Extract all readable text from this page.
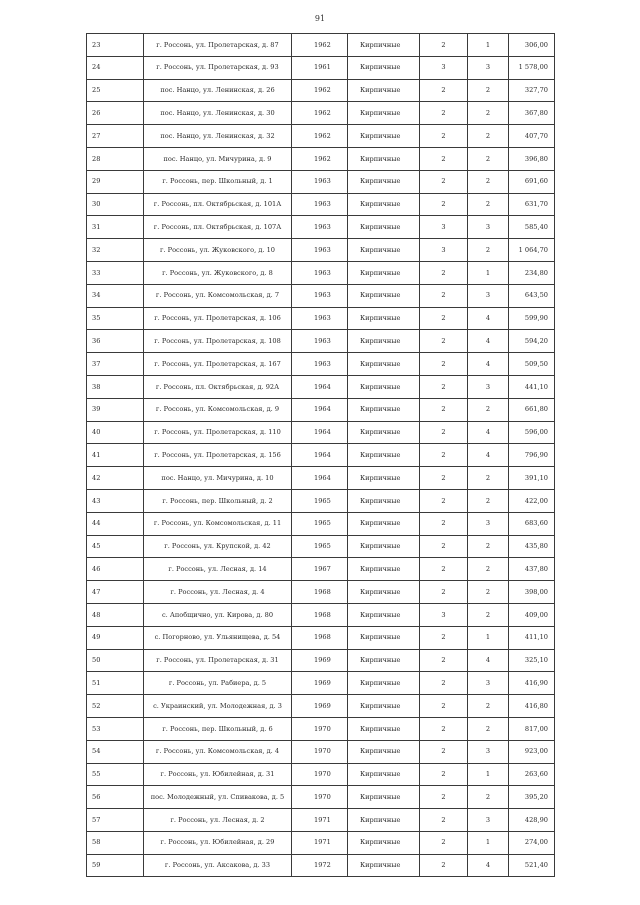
91
23	г. Россонь, ул. Пролетарская, д. 87	1962	Кирпичные	2	1	306,00
24	г. Россонь, ул. Пролетарская, д. 93	1961	Кирпичные	3	3	1 578,00
25	пос. Нанцо, ул. Ленинская, д. 26	1962	Кирпичные	2	2	327,70
26	пос. Нанцо, ул. Ленинская, д. 30	1962	Кирпичные	2	2	367,80
27	пос. Нанцо, ул. Ленинская, д. 32	1962	Кирпичные	2	2	407,70
28	пос. Нанцо, ул. Мичурина, д. 9	1962	Кирпичные	2	2	396,80
29	г. Россонь, пер. Школьный, д. 1	1963	Кирпичные	2	2	691,60
30	г. Россонь, пл. Октябрьская, д. 101А	1963	Кирпичные	2	2	631,70
31	г. Россонь, пл. Октябрьская, д. 107А	1963	Кирпичные	3	3	585,40
32	г. Россонь, ул. Жуковского, д. 10	1963	Кирпичные	3	2	1 064,70
33	г. Россонь, ул. Жуковского, д. 8	1963	Кирпичные	2	1	234,80
34	г. Россонь, ул. Комсомольская, д. 7	1963	Кирпичные	2	3	643,50
35	г. Россонь, ул. Пролетарская, д. 106	1963	Кирпичные	2	4	599,90
36	г. Россонь, ул. Пролетарская, д. 108	1963	Кирпичные	2	4	594,20
37	г. Россонь, ул. Пролетарская, д. 167	1963	Кирпичные	2	4	509,50
38	г. Россонь, пл. Октябрьская, д. 92А	1964	Кирпичные	2	3	441,10
39	г. Россонь, ул. Комсомольская, д. 9	1964	Кирпичные	2	2	661,80
40	г. Россонь, ул. Пролетарская, д. 110	1964	Кирпичные	2	4	596,00
41	г. Россонь, ул. Пролетарская, д. 156	1964	Кирпичные	2	4	796,90
42	пос. Нанцо, ул. Мичурина, д. 10	1964	Кирпичные	2	2	391,10
43	г. Россонь, пер. Школьный, д. 2	1965	Кирпичные	2	2	422,00
44	г. Россонь, ул. Комсомольская, д. 11	1965	Кирпичные	2	3	683,60
45	г. Россонь, ул. Крупской, д. 42	1965	Кирпичные	2	2	435,80
46	г. Россонь, ул. Лесная, д. 14	1967	Кирпичные	2	2	437,80
47	г. Россонь, ул. Лесная, д. 4	1968	Кирпичные	2	2	398,00
48	с. Апобщично, ул. Кирова, д. 80	1968	Кирпичные	3	2	409,00
49	с. Погорново, ул. Ульянищева, д. 54	1968	Кирпичные	2	1	411,10
50	г. Россонь, ул. Пролетарская, д. 31	1969	Кирпичные	2	4	325,10
51	г. Россонь, ул. Рабиера, д. 5	1969	Кирпичные	2	3	416,90
52	с. Украинский, ул. Молодежная, д. 3	1969	Кирпичные	2	2	416,80
53	г. Россонь, пер. Школьный, д. 6	1970	Кирпичные	2	2	817,00
54	г. Россонь, ул. Комсомольская, д. 4	1970	Кирпичные	2	3	923,00
55	г. Россонь, ул. Юбилейная, д. 31	1970	Кирпичные	2	1	263,60
56	пос. Молодежный, ул. Спивакова, д. 5	1970	Кирпичные	2	2	395,20
57	г. Россонь, ул. Лесная, д. 2	1971	Кирпичные	2	3	428,90
58	г. Россонь, ул. Юбилейная, д. 29	1971	Кирпичные	2	1	274,00
59	г. Россонь, ул. Аксакова, д. 33	1972	Кирпичные	2	4	521,40
